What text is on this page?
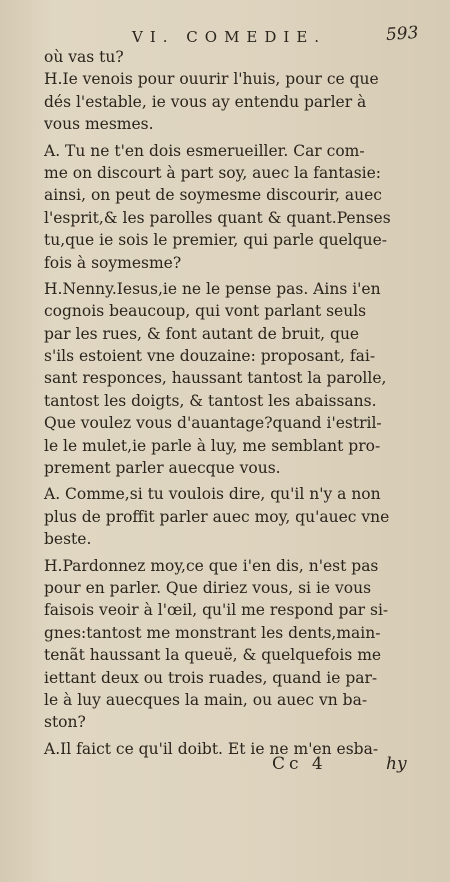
VI. COMEDIE.	593
où vas tu?
H.Ie venois pour ouurir l'huis, pour ce que
dés l'estable, ie vous ay entendu parler à
vous mesmes.
A. Tu ne t'en dois esmerueiller. Car com-
me on discourt à part soy, auec la fantasie:
ainsi, on peut de soymesme discourir, auec
l'esprit,& les parolles quant & quant.Penses
tu,que ie sois le premier, qui parle quelque-
fois à soymesme?
H.Nenny.Iesus,ie ne le pense pas. Ains i'en
cognois beaucoup, qui vont parlant seuls
par les rues, & font autant de bruit, que
s'ils estoient vne douzaine: proposant, fai-
sant responces, haussant tantost la parolle,
tantost les doigts, & tantost les abaissans.
Que voulez vous d'auantage?quand i'estril-
le le mulet,ie parle à luy, me semblant pro-
prement parler auecque vous.
A. Comme,si tu voulois dire, qu'il n'y a non
plus de proffit parler auec moy, qu'auec vne
beste.
H.Pardonnez moy,ce que i'en dis, n'est pas
pour en parler. Que diriez vous, si ie vous
faisois veoir à l'œil, qu'il me respond par si-
gnes:tantost me monstrant les dents,main-
tenãt haussant la queuë, & quelquefois me
iettant deux ou trois ruades, quand ie par-
le à luy auecques la main, ou auec vn ba-
ston?
A.Il faict ce qu'il doibt. Et ie ne m'en esba-
Cc 4	hy
